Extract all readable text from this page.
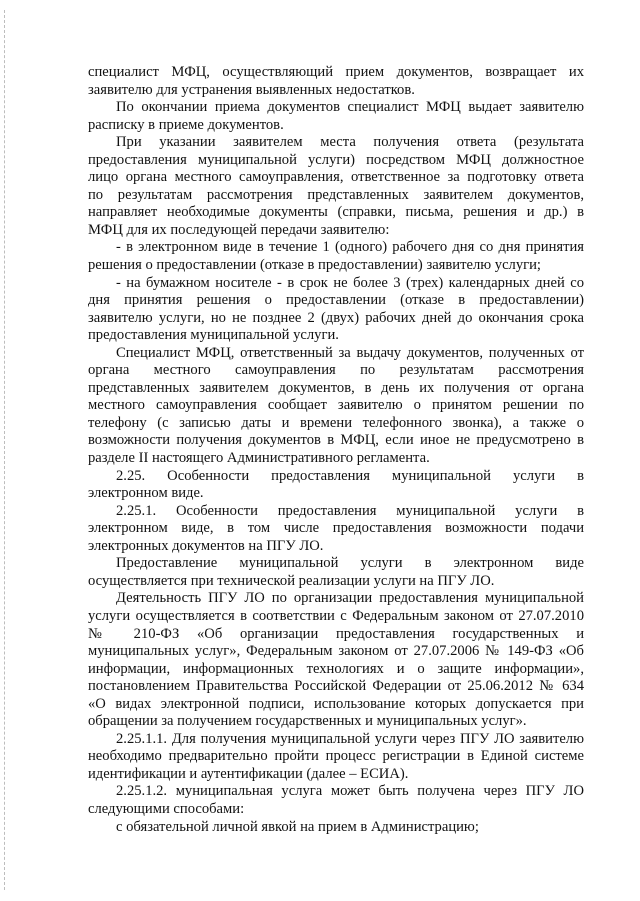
специалист МФЦ, осуществляющий прием документов, возвращает их
заявителю для устранения выявленных недостатков.
По окончании приема документов специалист МФЦ выдает заявителю
расписку в приеме документов.
При указании заявителем места получения ответа (результата
предоставления муниципальной услуги) посредством МФЦ должностное
лицо органа местного самоуправления, ответственное за подготовку ответа
по результатам рассмотрения представленных заявителем документов,
направляет необходимые документы (справки, письма, решения и др.) в
МФЦ для их последующей передачи заявителю:
- в электронном виде в течение 1 (одного) рабочего дня со дня принятия
решения о предоставлении (отказе в предоставлении) заявителю услуги;
- на бумажном носителе - в срок не более 3 (трех) календарных дней со
дня принятия решения о предоставлении (отказе в предоставлении)
заявителю услуги, но не позднее 2 (двух) рабочих дней до окончания срока
предоставления муниципальной услуги.
Специалист МФЦ, ответственный за выдачу документов, полученных от
органа местного самоуправления по результатам рассмотрения
представленных заявителем документов, в день их получения от органа
местного самоуправления сообщает заявителю о принятом решении по
телефону (с записью даты и времени телефонного звонка), а также о
возможности получения документов в МФЦ, если иное не предусмотрено в
разделе II настоящего Административного регламента.
2.25. Особенности предоставления муниципальной услуги в
электронном виде.
2.25.1. Особенности предоставления муниципальной услуги в
электронном виде, в том числе предоставления возможности подачи
электронных документов на ПГУ ЛО.
Предоставление муниципальной услуги в электронном виде
осуществляется при технической реализации услуги на ПГУ ЛО.
Деятельность ПГУ ЛО по организации предоставления муниципальной
услуги осуществляется в соответствии с Федеральным законом от 27.07.2010
№ 210-ФЗ «Об организации предоставления государственных и
муниципальных услуг», Федеральным законом от 27.07.2006 № 149-ФЗ «Об
информации, информационных технологиях и о защите информации»,
постановлением Правительства Российской Федерации от 25.06.2012 № 634
«О видах электронной подписи, использование которых допускается при
обращении за получением государственных и муниципальных услуг».
2.25.1.1. Для получения муниципальной услуги через ПГУ ЛО заявителю
необходимо предварительно пройти процесс регистрации в Единой системе
идентификации и аутентификации (далее – ЕСИА).
2.25.1.2. муниципальная услуга может быть получена через ПГУ ЛО
следующими способами:
с обязательной личной явкой на прием в Администрацию;
